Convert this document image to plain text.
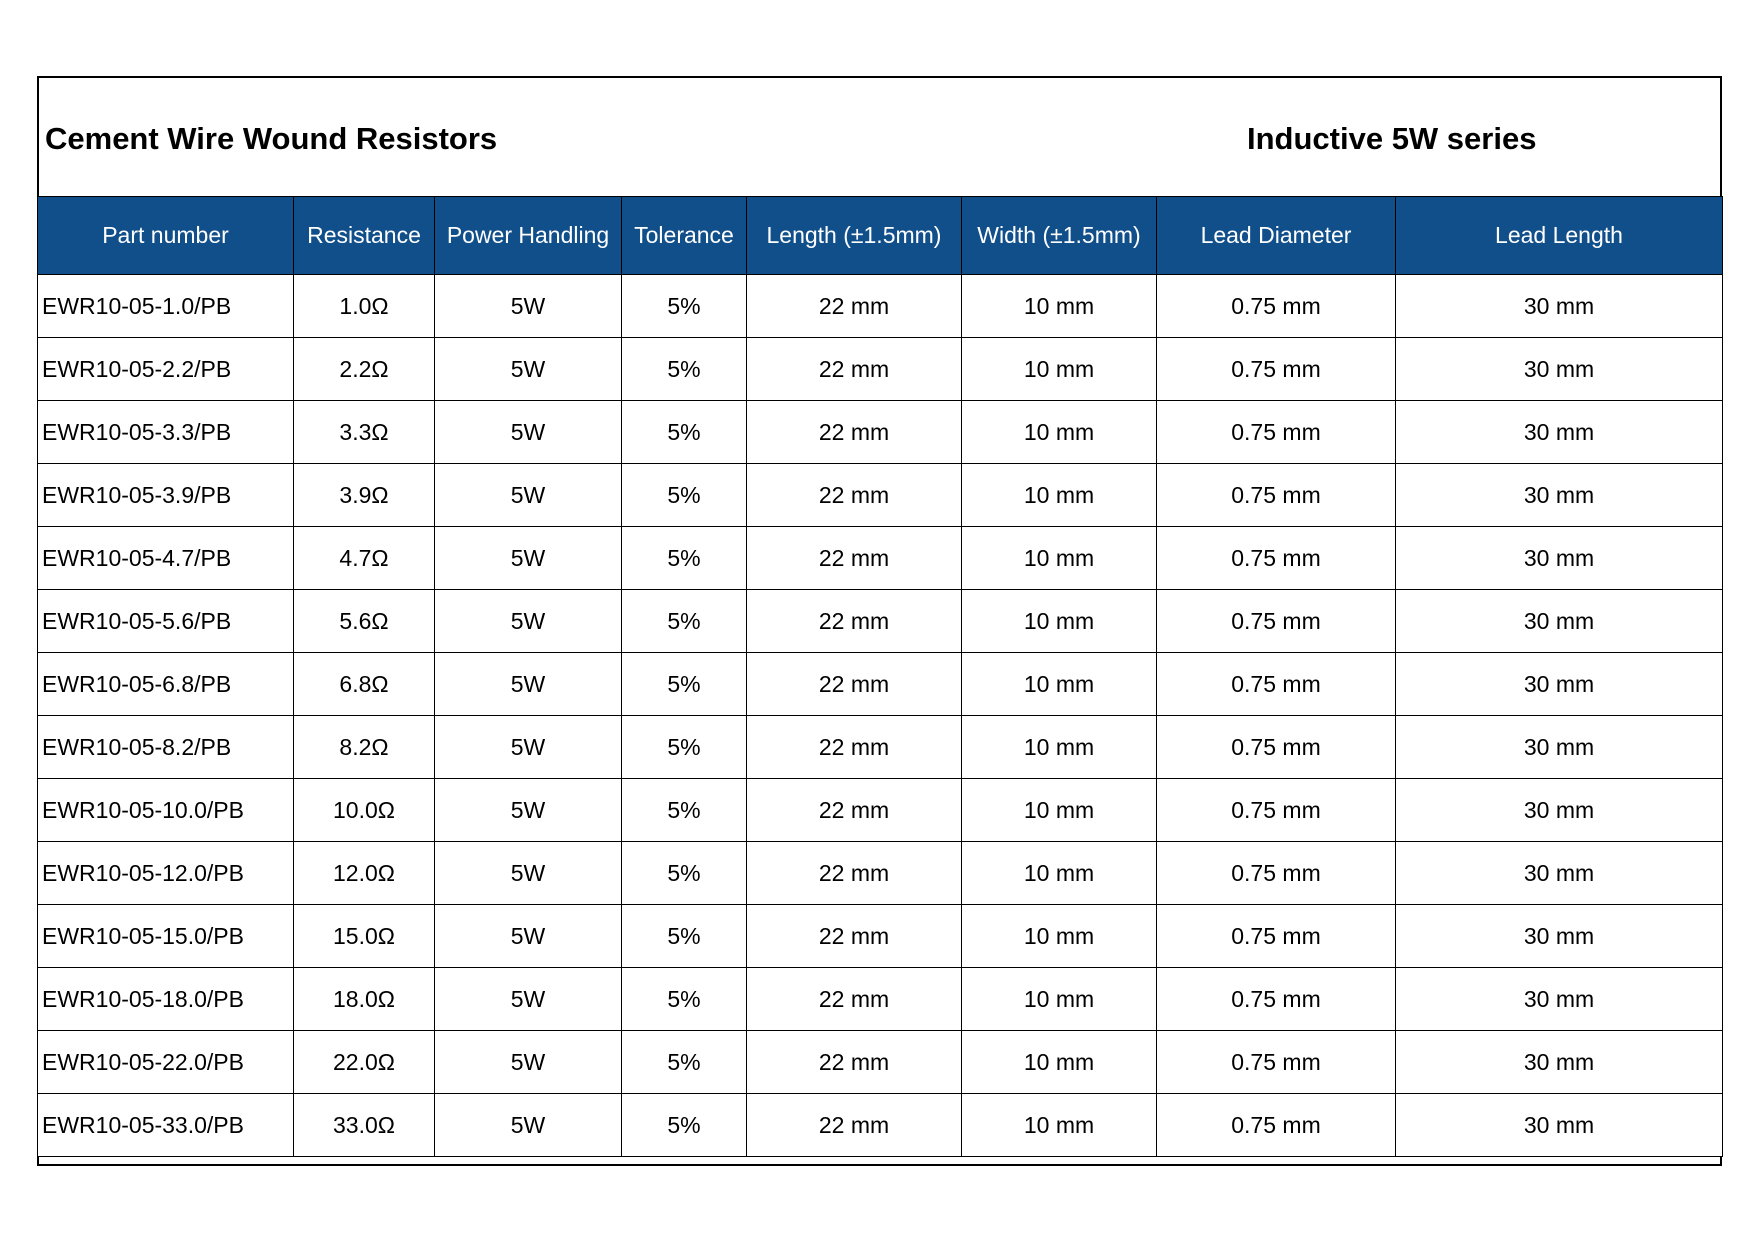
Cement Wire Wound Resistors	Inductive 5W series
Part number	Resistance	Power Handling	Tolerance	Length (±1.5mm)	Width (±1.5mm)	Lead Diameter	Lead Length
EWR10-05-1.0/PB	1.0Ω	5W	5%	22 mm	10 mm	0.75 mm	30 mm
EWR10-05-2.2/PB	2.2Ω	5W	5%	22 mm	10 mm	0.75 mm	30 mm
EWR10-05-3.3/PB	3.3Ω	5W	5%	22 mm	10 mm	0.75 mm	30 mm
EWR10-05-3.9/PB	3.9Ω	5W	5%	22 mm	10 mm	0.75 mm	30 mm
EWR10-05-4.7/PB	4.7Ω	5W	5%	22 mm	10 mm	0.75 mm	30 mm
EWR10-05-5.6/PB	5.6Ω	5W	5%	22 mm	10 mm	0.75 mm	30 mm
EWR10-05-6.8/PB	6.8Ω	5W	5%	22 mm	10 mm	0.75 mm	30 mm
EWR10-05-8.2/PB	8.2Ω	5W	5%	22 mm	10 mm	0.75 mm	30 mm
EWR10-05-10.0/PB	10.0Ω	5W	5%	22 mm	10 mm	0.75 mm	30 mm
EWR10-05-12.0/PB	12.0Ω	5W	5%	22 mm	10 mm	0.75 mm	30 mm
EWR10-05-15.0/PB	15.0Ω	5W	5%	22 mm	10 mm	0.75 mm	30 mm
EWR10-05-18.0/PB	18.0Ω	5W	5%	22 mm	10 mm	0.75 mm	30 mm
EWR10-05-22.0/PB	22.0Ω	5W	5%	22 mm	10 mm	0.75 mm	30 mm
EWR10-05-33.0/PB	33.0Ω	5W	5%	22 mm	10 mm	0.75 mm	30 mm
